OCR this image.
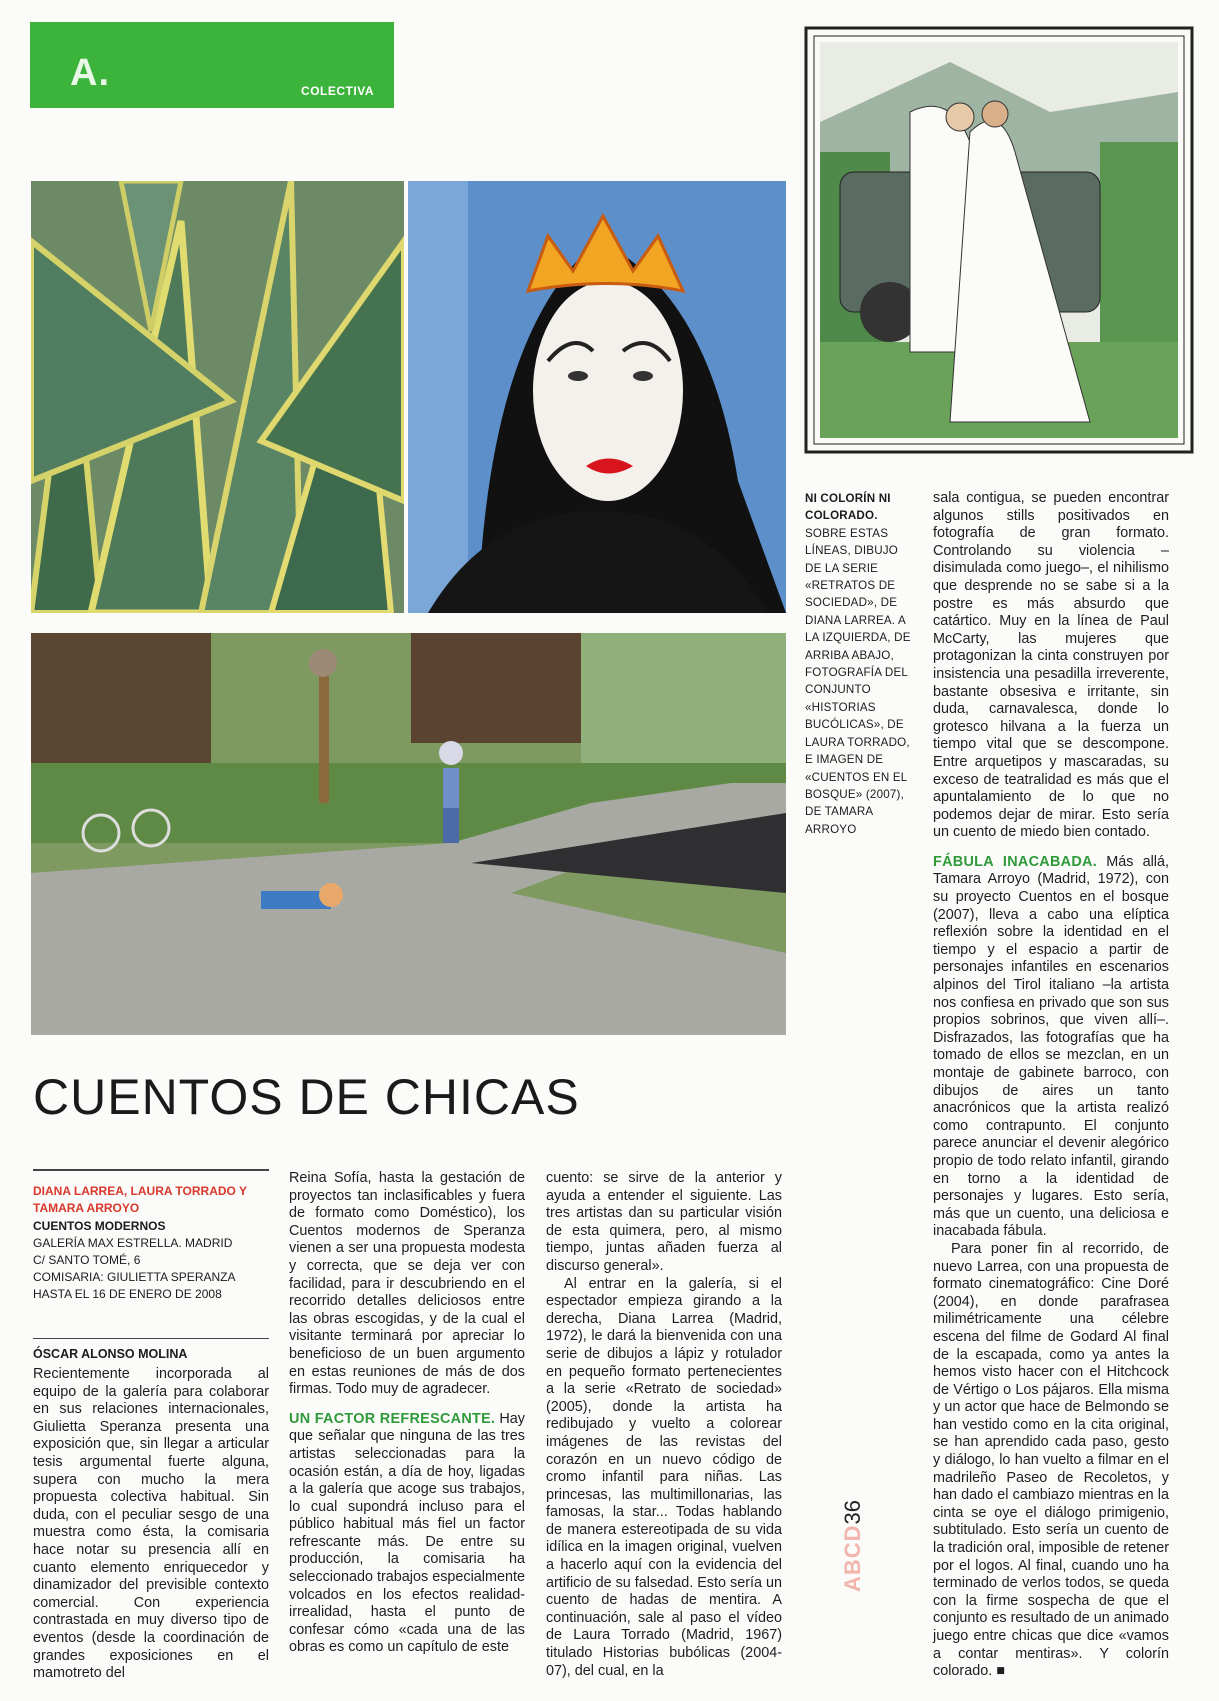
A.	COLECTIVA
NI COLORÍN NI COLORADO.
SOBRE ESTAS LÍNEAS, DIBUJO DE LA SERIE «RETRATOS DE SOCIEDAD», DE DIANA LARREA. A LA IZQUIERDA, DE ARRIBA ABAJO, FOTOGRAFÍA DEL CONJUNTO «HISTORIAS BUCÓLICAS», DE LAURA TORRADO, E IMAGEN DE «CUENTOS EN EL BOSQUE» (2007), DE TAMARA ARROYO
CUENTOS DE CHICAS
DIANA LARREA, LAURA TORRADO Y TAMARA ARROYO
CUENTOS MODERNOS
GALERÍA MAX ESTRELLA. MADRID
C/ SANTO TOMÉ, 6
COMISARIA: GIULIETTA SPERANZA
HASTA EL 16 DE ENERO DE 2008
ÓSCAR ALONSO MOLINA

Recientemente incorporada al equipo de la galería para colaborar en sus relaciones internacionales, Giulietta Speranza presenta una exposición que, sin llegar a articular tesis argumental fuerte alguna, supera con mucho la mera propuesta colectiva habitual. Sin duda, con el peculiar sesgo de una muestra como ésta, la comisaria hace notar su presencia allí en cuanto elemento enriquecedor y dinamizador del previsible contexto comercial. Con experiencia contrastada en muy diverso tipo de eventos (desde la coordinación de grandes exposiciones en el mamotreto del

Reina Sofía, hasta la gestación de proyectos tan inclasificables y fuera de formato como Doméstico), los Cuentos modernos de Speranza vienen a ser una propuesta modesta y correcta, que se deja ver con facilidad, para ir descubriendo en el recorrido detalles deliciosos entre las obras escogidas, y de la cual el visitante terminará por apreciar lo beneficioso de un buen argumento en estas reuniones de más de dos firmas. Todo muy de agradecer.

UN FACTOR REFRESCANTE. Hay que señalar que ninguna de las tres artistas seleccionadas para la ocasión están, a día de hoy, ligadas a la galería que acoge sus trabajos, lo cual supondrá incluso para el público habitual más fiel un factor refrescante más. De entre su producción, la comisaria ha seleccionado trabajos especialmente volcados en los efectos realidad-irrealidad, hasta el punto de confesar cómo «cada una de las obras es como un capítulo de este

cuento: se sirve de la anterior y ayuda a entender el siguiente. Las tres artistas dan su particular visión de esta quimera, pero, al mismo tiempo, juntas añaden fuerza al discurso general».

Al entrar en la galería, si el espectador empieza girando a la derecha, Diana Larrea (Madrid, 1972), le dará la bienvenida con una serie de dibujos a lápiz y rotulador en pequeño formato pertenecientes a la serie «Retrato de sociedad» (2005), donde la artista ha redibujado y vuelto a colorear imágenes de las revistas del corazón en un nuevo código de cromo infantil para niñas. Las princesas, las multimillonarias, las famosas, la star... Todas hablando de manera estereotipada de su vida idílica en la imagen original, vuelven a hacerlo aquí con la evidencia del artificio de su falsedad. Esto sería un cuento de hadas de mentira. A continuación, sale al paso el vídeo de Laura Torrado (Madrid, 1967) titulado Historias bubólicas (2004-07), del cual, en la

sala contigua, se pueden encontrar algunos stills positivados en fotografía de gran formato. Controlando su violencia –disimulada como juego–, el nihilismo que desprende no se sabe si a la postre es más absurdo que catártico. Muy en la línea de Paul McCarty, las mujeres que protagonizan la cinta construyen por insistencia una pesadilla irreverente, bastante obsesiva e irritante, sin duda, carnavalesca, donde lo grotesco hilvana a la fuerza un tiempo vital que se descompone. Entre arquetipos y mascaradas, su exceso de teatralidad es más que el apuntalamiento de lo que no podemos dejar de mirar. Esto sería un cuento de miedo bien contado.

FÁBULA INACABADA. Más allá, Tamara Arroyo (Madrid, 1972), con su proyecto Cuentos en el bosque (2007), lleva a cabo una elíptica reflexión sobre la identidad en el tiempo y el espacio a partir de personajes infantiles en escenarios alpinos del Tirol italiano –la artista nos confiesa en privado que son sus propios sobrinos, que viven allí–. Disfrazados, las fotografías que ha tomado de ellos se mezclan, en un montaje de gabinete barroco, con dibujos de aires un tanto anacrónicos que la artista realizó como contrapunto. El conjunto parece anunciar el devenir alegórico propio de todo relato infantil, girando en torno a la identidad de personajes y lugares. Esto sería, más que un cuento, una deliciosa e inacabada fábula.

Para poner fin al recorrido, de nuevo Larrea, con una propuesta de formato cinematográfico: Cine Doré (2004), en donde parafrasea milimétricamente una célebre escena del filme de Godard Al final de la escapada, como ya antes la hemos visto hacer con el Hitchcock de Vértigo o Los pájaros. Ella misma y un actor que hace de Belmondo se han vestido como en la cita original, se han aprendido cada paso, gesto y diálogo, lo han vuelto a filmar en el madrileño Paseo de Recoletos, y han dado el cambiazo mientras en la cinta se oye el diálogo primigenio, subtitulado. Esto sería un cuento de la tradición oral, imposible de retener por el logos. Al final, cuando uno ha terminado de verlos todos, se queda con la firme sospecha de que el conjunto es resultado de un animado juego entre chicas que dice «vamos a contar mentiras». Y colorín colorado. ■

ABCD36
